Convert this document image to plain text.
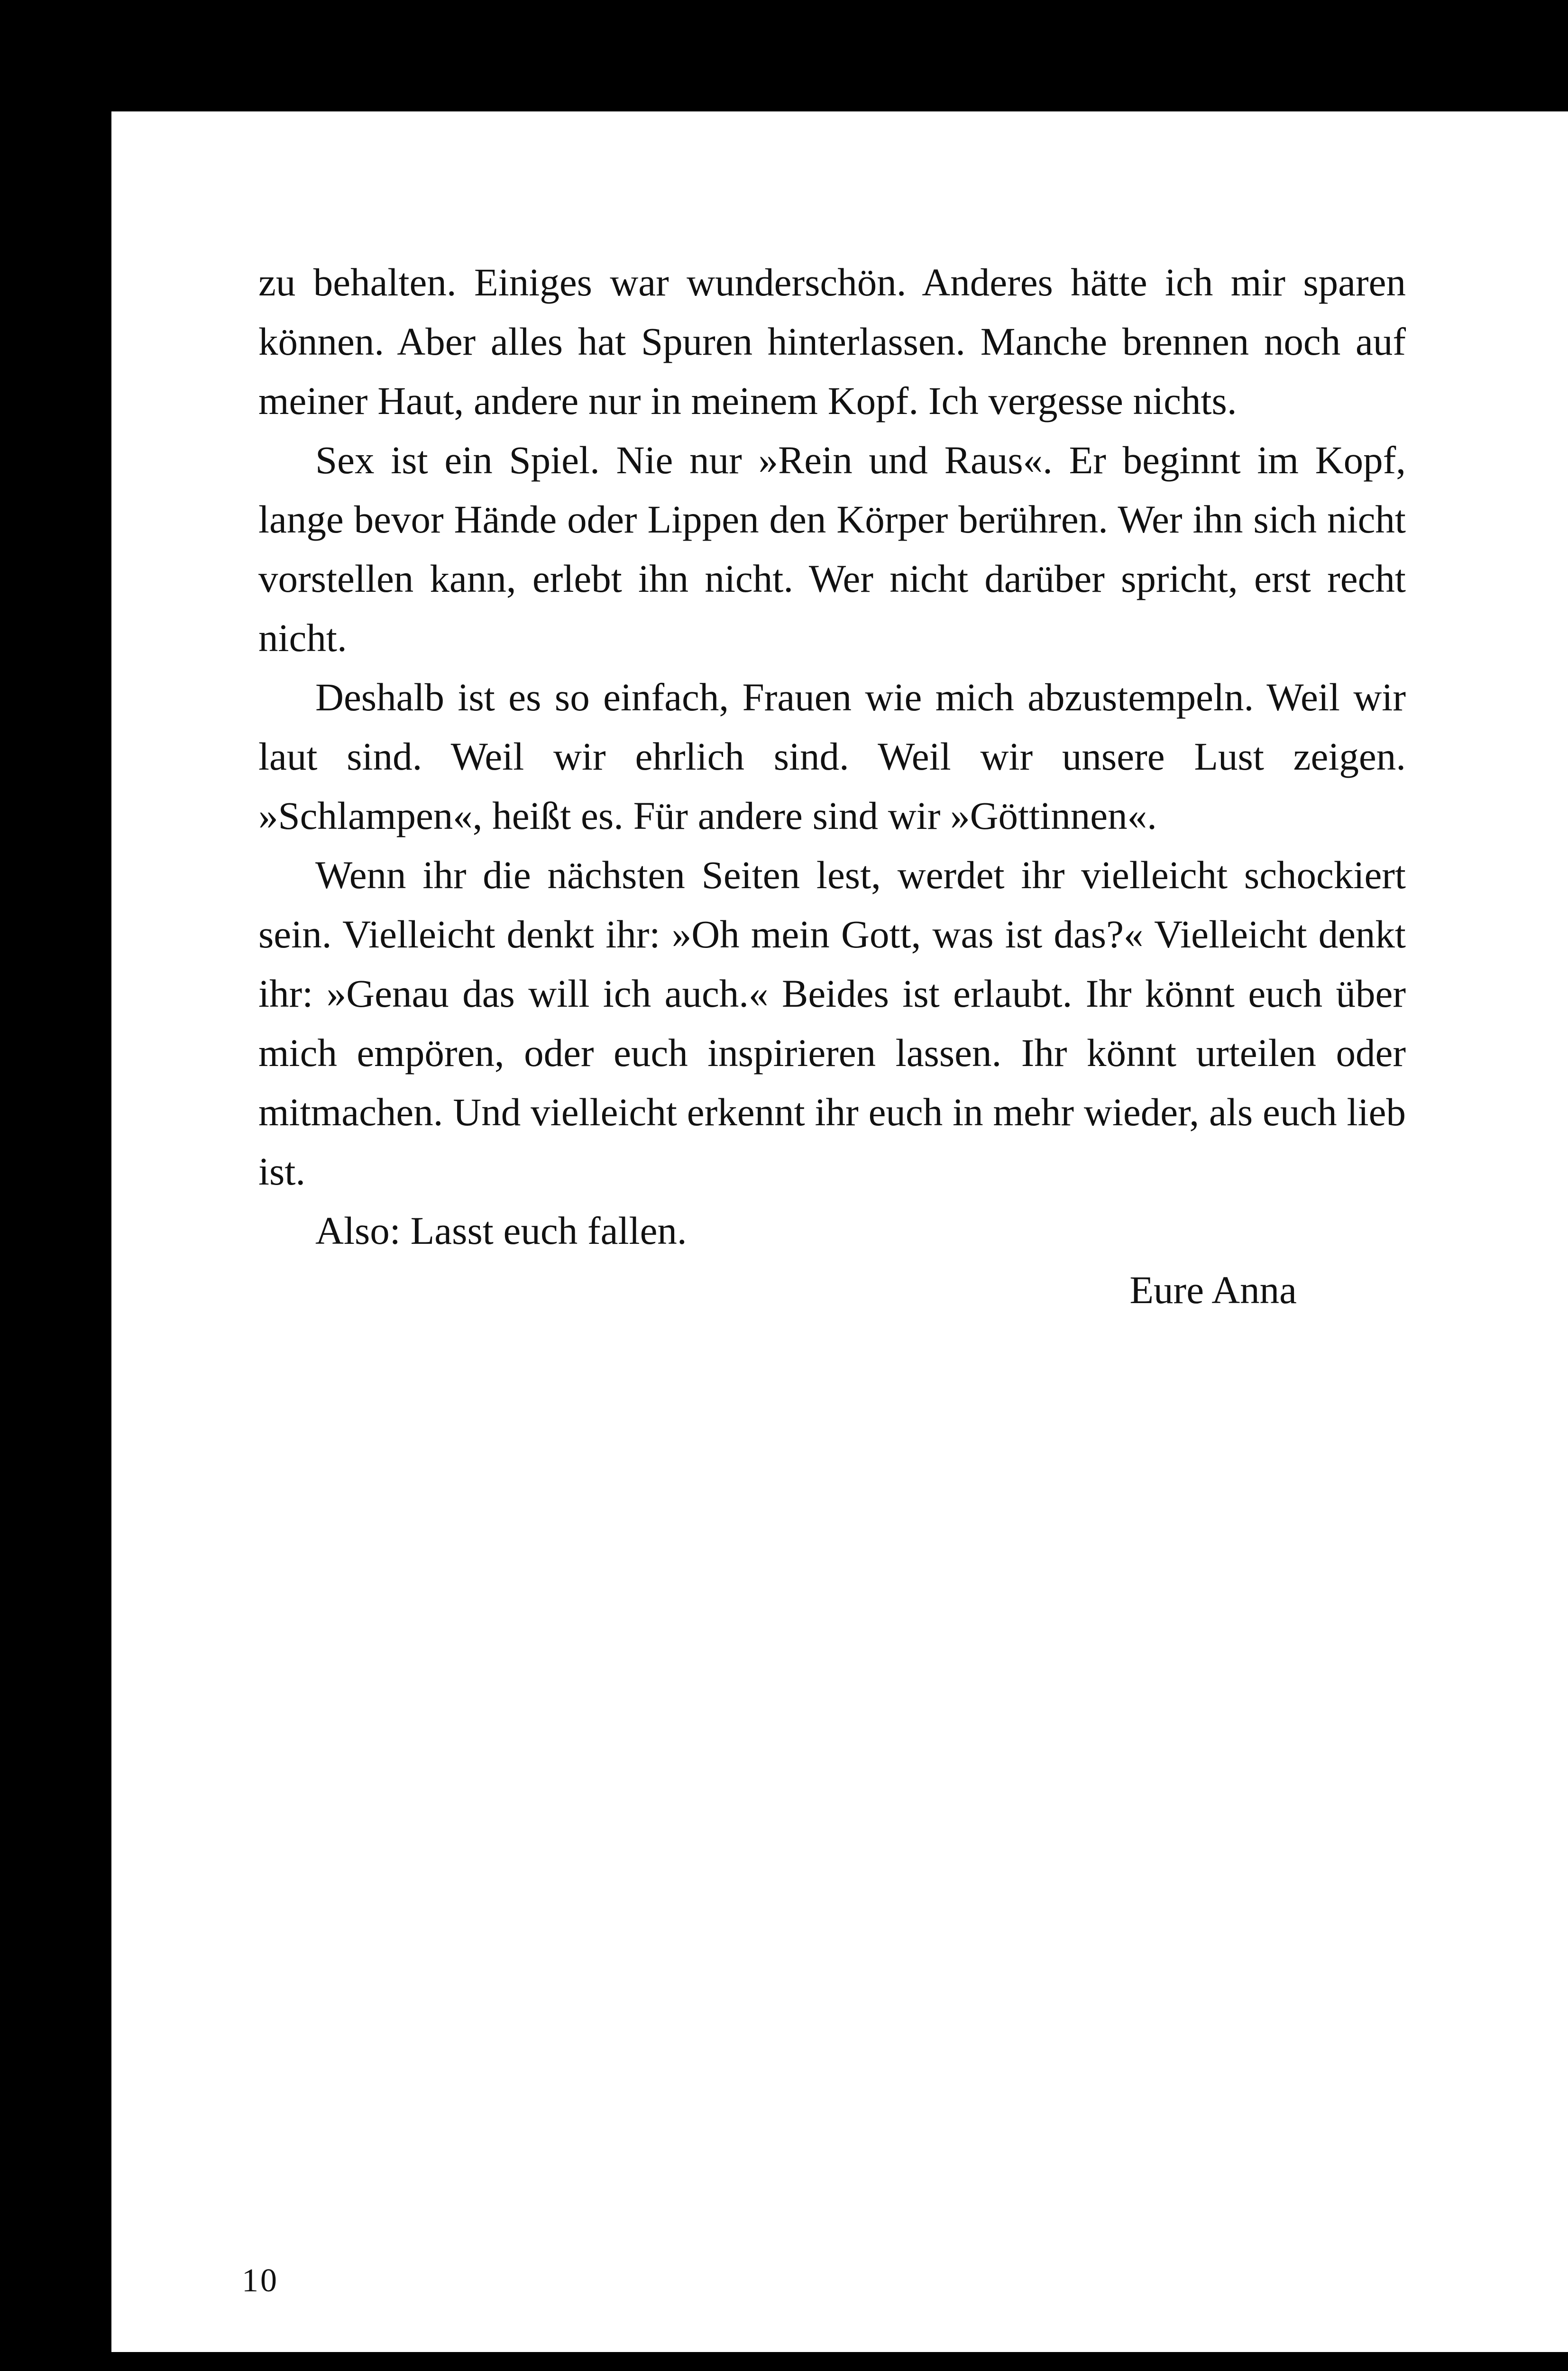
zu behalten. Einiges war wunderschön. Anderes hätte ich mir sparen können. Aber alles hat Spuren hinterlassen. Manche brennen noch auf meiner Haut, andere nur in meinem Kopf. Ich vergesse nichts.

Sex ist ein Spiel. Nie nur »Rein und Raus«. Er beginnt im Kopf, lange bevor Hände oder Lippen den Körper berühren. Wer ihn sich nicht vorstellen kann, erlebt ihn nicht. Wer nicht darüber spricht, erst recht nicht.

Deshalb ist es so einfach, Frauen wie mich abzustempeln. Weil wir laut sind. Weil wir ehrlich sind. Weil wir unsere Lust zeigen. »Schlampen«, heißt es. Für andere sind wir »Göttinnen«.

Wenn ihr die nächsten Seiten lest, werdet ihr vielleicht schockiert sein. Vielleicht denkt ihr: »Oh mein Gott, was ist das?« Vielleicht denkt ihr: »Genau das will ich auch.« Beides ist erlaubt. Ihr könnt euch über mich empören, oder euch inspirieren lassen. Ihr könnt urteilen oder mitmachen. Und vielleicht erkennt ihr euch in mehr wieder, als euch lieb ist.

Also: Lasst euch fallen.

Eure Anna

10
